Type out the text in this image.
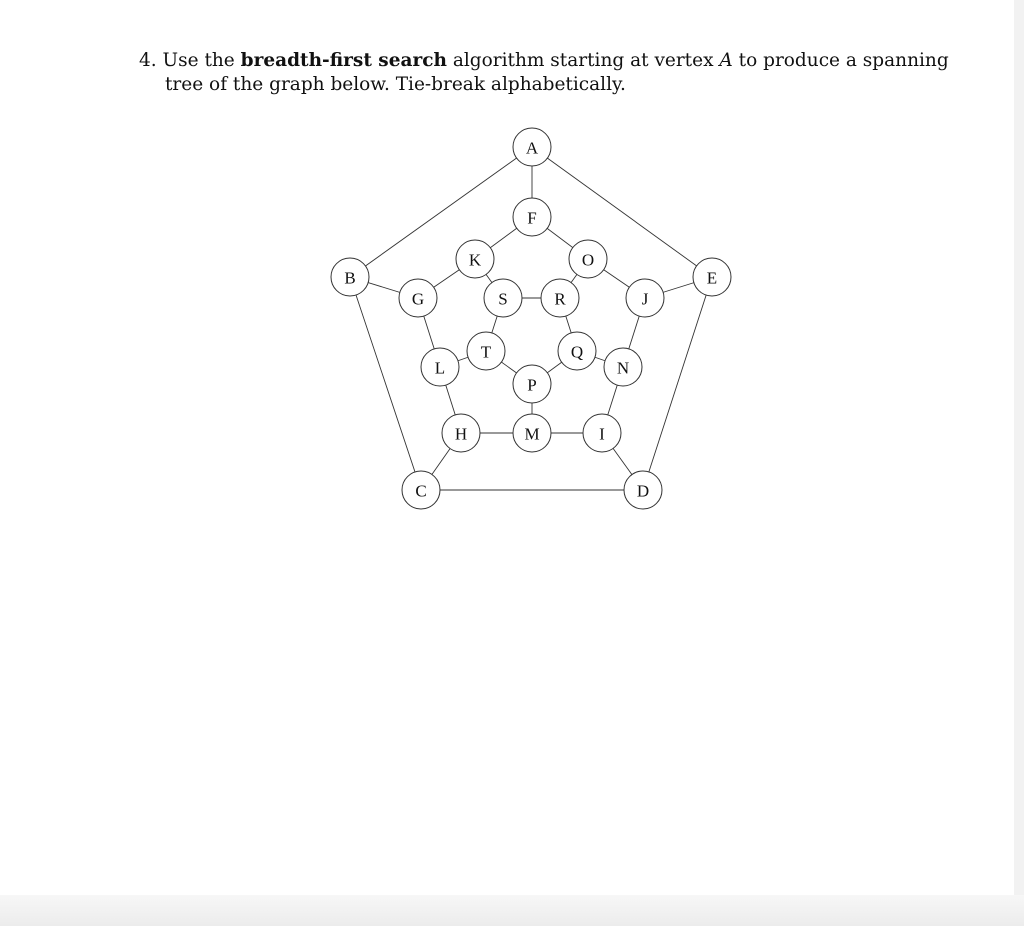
4. Use the breadth-first search algorithm starting at vertex A to produce a spanning
tree of the graph below. Tie-break alphabetically.
A
B
C	D
E
F
G
H	I
J
K
L
M
N
O
P
Q
R
S
T
